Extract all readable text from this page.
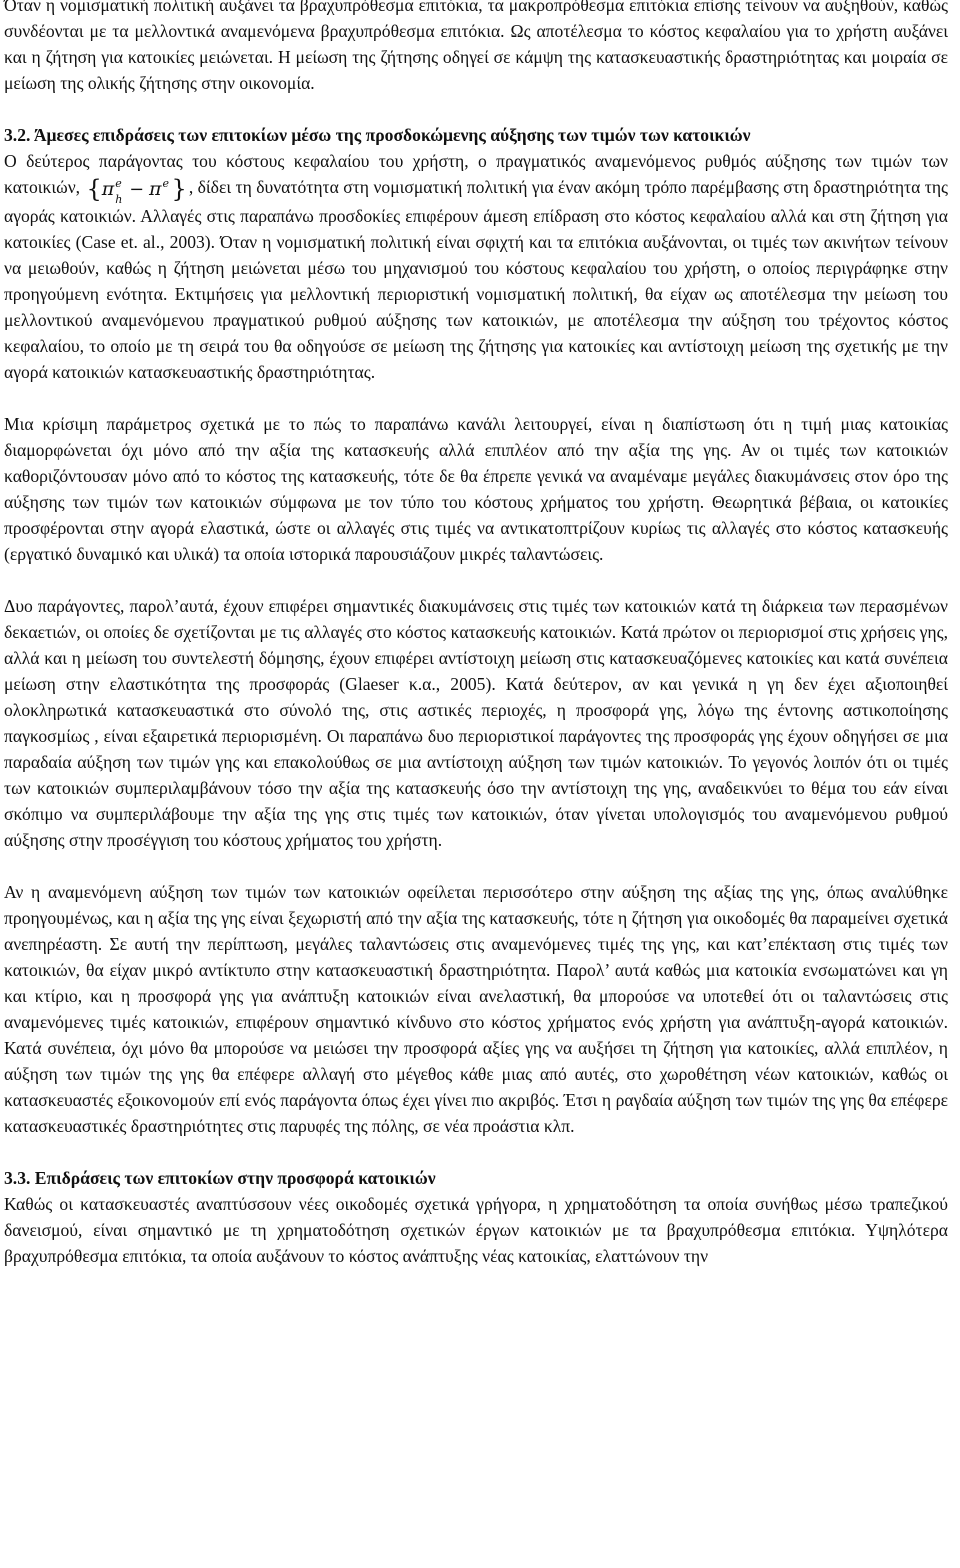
Όταν η νομισματική πολιτική αυξάνει τα βραχυπρόθεσμα επιτόκια, τα μακροπρόθεσμα επιτόκια επίσης τείνουν να αυξηθούν, καθώς συνδέονται με τα μελλοντικά αναμενόμενα βραχυπρόθεσμα επιτόκια. Ως αποτέλεσμα το κόστος κεφαλαίου για το χρήστη αυξάνει και η ζήτηση για κατοικίες μειώνεται. Η μείωση της ζήτησης οδηγεί σε κάμψη της κατασκευαστικής δραστηριότητας και μοιραία σε μείωση της ολικής ζήτησης στην οικονομία.

3.2. Άμεσες επιδράσεις των επιτοκίων μέσω της προσδοκώμενης αύξησης των τιμών των κατοικιών

Ο δεύτερος παράγοντας του κόστους κεφαλαίου του χρήστη, ο πραγματικός αναμενόμενος ρυθμός αύξησης των τιμών των κατοικιών, {π e
h − π e } , δίδει τη δυνατότητα στη νομισματική πολιτική για έναν ακόμη τρόπο παρέμβασης στη δραστηριότητα της αγοράς κατοικιών. Αλλαγές στις παραπάνω προσδοκίες επιφέρουν άμεση επίδραση στο κόστος κεφαλαίου αλλά και στη ζήτηση για κατοικίες (Case et. al., 2003). Όταν η νομισματική πολιτική είναι σφιχτή και τα επιτόκια αυξάνονται, οι τιμές των ακινήτων τείνουν να μειωθούν, καθώς η ζήτηση μειώνεται μέσω του μηχανισμού του κόστους κεφαλαίου του χρήστη, ο οποίος περιγράφηκε στην προηγούμενη ενότητα. Εκτιμήσεις για μελλοντική περιοριστική νομισματική πολιτική, θα είχαν ως αποτέλεσμα την μείωση του μελλοντικού αναμενόμενου πραγματικού ρυθμού αύξησης των κατοικιών, με αποτέλεσμα την αύξηση του τρέχοντος κόστος κεφαλαίου, το οποίο με τη σειρά του θα οδηγούσε σε μείωση της ζήτησης για κατοικίες και αντίστοιχη μείωση της σχετικής με την αγορά κατοικιών κατασκευαστικής δραστηριότητας.

Μια κρίσιμη παράμετρος σχετικά με το πώς το παραπάνω κανάλι λειτουργεί, είναι η διαπίστωση ότι η τιμή μιας κατοικίας διαμορφώνεται όχι μόνο από την αξία της κατασκευής αλλά επιπλέον από την αξία της γης. Αν οι τιμές των κατοικιών καθοριζόντουσαν μόνο από το κόστος της κατασκευής, τότε δε θα έπρεπε γενικά να αναμέναμε μεγάλες διακυμάνσεις στον όρο της αύξησης των τιμών των κατοικιών σύμφωνα με τον τύπο του κόστους χρήματος του χρήστη. Θεωρητικά βέβαια, οι κατοικίες προσφέρονται στην αγορά ελαστικά, ώστε οι αλλαγές στις τιμές να αντικατοπτρίζουν κυρίως τις αλλαγές στο κόστος κατασκευής (εργατικό δυναμικό και υλικά) τα οποία ιστορικά παρουσιάζουν μικρές ταλαντώσεις.

Δυο παράγοντες, παρολ’αυτά, έχουν επιφέρει σημαντικές διακυμάνσεις στις τιμές των κατοικιών κατά τη διάρκεια των περασμένων δεκαετιών, οι οποίες δε σχετίζονται με τις αλλαγές στο κόστος κατασκευής κατοικιών. Κατά πρώτον οι περιορισμοί στις χρήσεις γης, αλλά και η μείωση του συντελεστή δόμησης, έχουν επιφέρει αντίστοιχη μείωση στις κατασκευαζόμενες κατοικίες και κατά συνέπεια μείωση στην ελαστικότητα της προσφοράς (Glaeser κ.α., 2005). Κατά δεύτερον, αν και γενικά η γη δεν έχει αξιοποιηθεί ολοκληρωτικά κατασκευαστικά στο σύνολό της, στις αστικές περιοχές, η προσφορά γης, λόγω της έντονης αστικοποίησης παγκοσμίως , είναι εξαιρετικά περιορισμένη. Οι παραπάνω δυο περιοριστικοί παράγοντες της προσφοράς γης έχουν οδηγήσει σε μια παραδαία αύξηση των τιμών γης και επακολούθως σε μια αντίστοιχη αύξηση των τιμών κατοικιών. Το γεγονός λοιπόν ότι οι τιμές των κατοικιών συμπεριλαμβάνουν τόσο την αξία της κατασκευής όσο την αντίστοιχη της γης, αναδεικνύει το θέμα του εάν είναι σκόπιμο να συμπεριλάβουμε την αξία της γης στις τιμές των κατοικιών, όταν γίνεται υπολογισμός του αναμενόμενου ρυθμού αύξησης στην προσέγγιση του κόστους χρήματος του χρήστη.

Αν η αναμενόμενη αύξηση των τιμών των κατοικιών οφείλεται περισσότερο στην αύξηση της αξίας της γης, όπως αναλύθηκε προηγουμένως, και η αξία της γης είναι ξεχωριστή από την αξία της κατασκευής, τότε η ζήτηση για οικοδομές θα παραμείνει σχετικά ανεπηρέαστη. Σε αυτή την περίπτωση, μεγάλες ταλαντώσεις στις αναμενόμενες τιμές της γης, και κατ’επέκταση στις τιμές των κατοικιών, θα είχαν μικρό αντίκτυπο στην κατασκευαστική δραστηριότητα. Παρολ’ αυτά καθώς μια κατοικία ενσωματώνει και γη και κτίριο, και η προσφορά γης για ανάπτυξη κατοικιών είναι ανελαστική, θα μπορούσε να υποτεθεί ότι οι ταλαντώσεις στις αναμενόμενες τιμές κατοικιών, επιφέρουν σημαντικό κίνδυνο στο κόστος χρήματος ενός χρήστη για ανάπτυξη-αγορά κατοικιών. Κατά συνέπεια, όχι μόνο θα μπορούσε να μειώσει την προσφορά αξίες γης να αυξήσει τη ζήτηση για κατοικίες, αλλά επιπλέον, η αύξηση των τιμών της γης θα επέφερε αλλαγή στο μέγεθος κάθε μιας από αυτές, στο χωροθέτηση νέων κατοικιών, καθώς οι κατασκευαστές εξοικονομούν επί ενός παράγοντα όπως έχει γίνει πιο ακριβός. Έτσι η ραγδαία αύξηση των τιμών της γης θα επέφερε κατασκευαστικές δραστηριότητες στις παρυφές της πόλης, σε νέα προάστια κλπ.

3.3. Επιδράσεις των επιτοκίων στην προσφορά κατοικιών

Καθώς οι κατασκευαστές αναπτύσσουν νέες οικοδομές σχετικά γρήγορα, η χρηματοδότηση τα οποία συνήθως μέσω τραπεζικού δανεισμού, είναι σημαντικό με τη χρηματοδότηση σχετικών έργων κατοικιών με τα βραχυπρόθεσμα επιτόκια. Υψηλότερα βραχυπρόθεσμα επιτόκια, τα οποία αυξάνουν το κόστος ανάπτυξης νέας κατοικίας, ελαττώνουν την
